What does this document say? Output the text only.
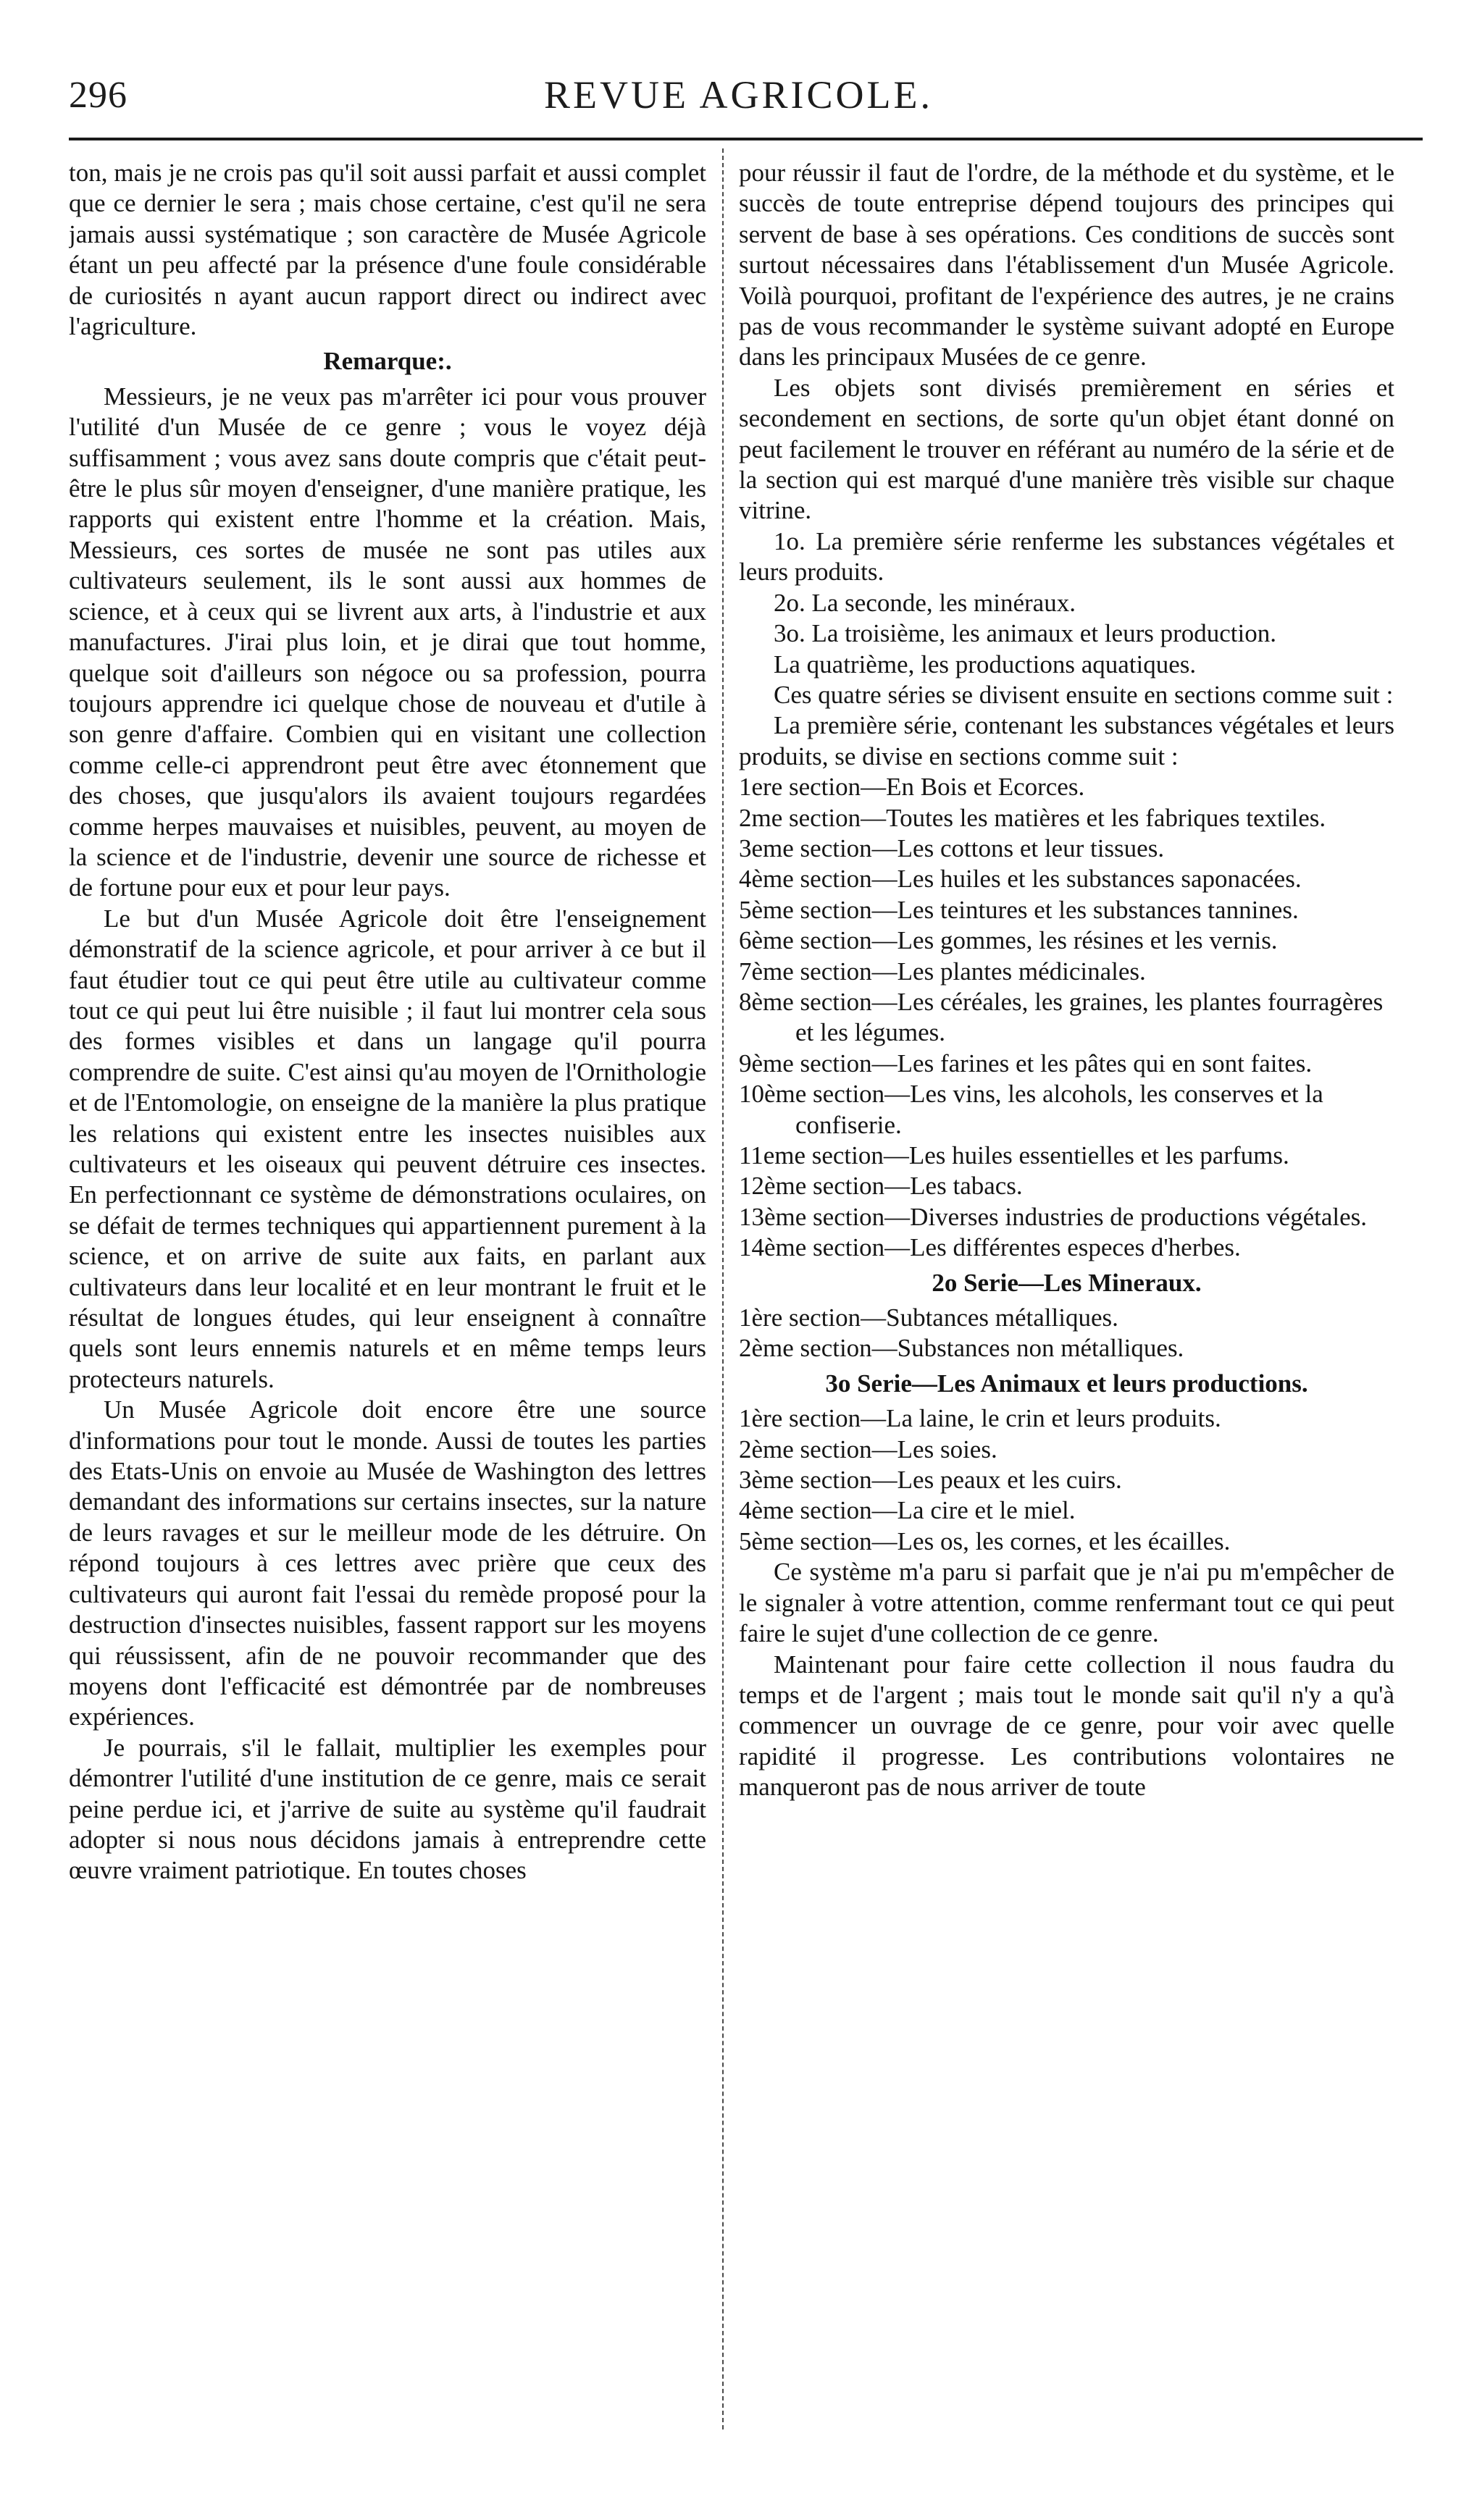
296	REVUE AGRICOLE.

ton, mais je ne crois pas qu'il soit aussi parfait et aussi complet que ce dernier le sera ; mais chose certaine, c'est qu'il ne sera jamais aussi systématique ; son caractère de Musée Agricole étant un peu affecté par la présence d'une foule considérable de curiosités n ayant aucun rapport direct ou indirect avec l'agriculture.

Remarque:.

Messieurs, je ne veux pas m'arrêter ici pour vous prouver l'utilité d'un Musée de ce genre ; vous le voyez déjà suffisamment ; vous avez sans doute compris que c'était peut-être le plus sûr moyen d'enseigner, d'une manière pratique, les rapports qui existent entre l'homme et la création. Mais, Messieurs, ces sortes de musée ne sont pas utiles aux cultivateurs seulement, ils le sont aussi aux hommes de science, et à ceux qui se livrent aux arts, à l'industrie et aux manufactures. J'irai plus loin, et je dirai que tout homme, quelque soit d'ailleurs son négoce ou sa profession, pourra toujours apprendre ici quelque chose de nouveau et d'utile à son genre d'affaire. Combien qui en visitant une collection comme celle-ci apprendront peut être avec étonnement que des choses, que jusqu'alors ils avaient toujours regardées comme herpes mauvaises et nuisibles, peuvent, au moyen de la science et de l'industrie, devenir une source de richesse et de fortune pour eux et pour leur pays.

Le but d'un Musée Agricole doit être l'enseignement démonstratif de la science agricole, et pour arriver à ce but il faut étudier tout ce qui peut être utile au cultivateur comme tout ce qui peut lui être nuisible ; il faut lui montrer cela sous des formes visibles et dans un langage qu'il pourra comprendre de suite. C'est ainsi qu'au moyen de l'Ornithologie et de l'Entomologie, on enseigne de la manière la plus pratique les relations qui existent entre les insectes nuisibles aux cultivateurs et les oiseaux qui peuvent détruire ces insectes. En perfectionnant ce système de démonstrations oculaires, on se défait de termes techniques qui appartiennent purement à la science, et on arrive de suite aux faits, en parlant aux cultivateurs dans leur localité et en leur montrant le fruit et le résultat de longues études, qui leur enseignent à connaître quels sont leurs ennemis naturels et en même temps leurs protecteurs naturels.

Un Musée Agricole doit encore être une source d'informations pour tout le monde. Aussi de toutes les parties des Etats-Unis on envoie au Musée de Washington des lettres demandant des informations sur certains insectes, sur la nature de leurs ravages et sur le meilleur mode de les détruire. On répond toujours à ces lettres avec prière que ceux des cultivateurs qui auront fait l'essai du remède proposé pour la destruction d'insectes nuisibles, fassent rapport sur les moyens qui réussissent, afin de ne pouvoir recommander que des moyens dont l'efficacité est démontrée par de nombreuses expériences.

Je pourrais, s'il le fallait, multiplier les exemples pour démontrer l'utilité d'une institution de ce genre, mais ce serait peine perdue ici, et j'arrive de suite au système qu'il faudrait adopter si nous nous décidons jamais à entreprendre cette œuvre vraiment patriotique. En toutes choses

pour réussir il faut de l'ordre, de la méthode et du système, et le succès de toute entreprise dépend toujours des principes qui servent de base à ses opérations. Ces conditions de succès sont surtout nécessaires dans l'établissement d'un Musée Agricole. Voilà pourquoi, profitant de l'expérience des autres, je ne crains pas de vous recommander le système suivant adopté en Europe dans les principaux Musées de ce genre.

Les objets sont divisés premièrement en séries et secondement en sections, de sorte qu'un objet étant donné on peut facilement le trouver en référant au numéro de la série et de la section qui est marqué d'une manière très visible sur chaque vitrine.

1o. La première série renferme les substances végétales et leurs produits.

2o. La seconde, les minéraux.

3o. La troisième, les animaux et leurs production.

La quatrième, les productions aquatiques.

Ces quatre séries se divisent ensuite en sections comme suit :

La première série, contenant les substances végétales et leurs produits, se divise en sections comme suit :

1ere section—En Bois et Ecorces.
2me section—Toutes les matières et les fabriques textiles.
3eme section—Les cottons et leur tissues.
4ème section—Les huiles et les substances saponacées.
5ème section—Les teintures et les substances tannines.
6ème section—Les gommes, les résines et les vernis.
7ème section—Les plantes médicinales.
8ème section—Les céréales, les graines, les plantes fourragères et les légumes.
9ème section—Les farines et les pâtes qui en sont faites.
10ème section—Les vins, les alcohols, les conserves et la confiserie.
11eme section—Les huiles essentielles et les parfums.
12ème section—Les tabacs.
13ème section—Diverses industries de productions végétales.
14ème section—Les différentes especes d'herbes.

2o Serie—Les Mineraux.

1ère section—Subtances métalliques.
2ème section—Substances non métalliques.

3o Serie—Les Animaux et leurs productions.

1ère section—La laine, le crin et leurs produits.
2ème section—Les soies.
3ème section—Les peaux et les cuirs.
4ème section—La cire et le miel.
5ème section—Les os, les cornes, et les écailles.

Ce système m'a paru si parfait que je n'ai pu m'empêcher de le signaler à votre attention, comme renfermant tout ce qui peut faire le sujet d'une collection de ce genre.

Maintenant pour faire cette collection il nous faudra du temps et de l'argent ; mais tout le monde sait qu'il n'y a qu'à commencer un ouvrage de ce genre, pour voir avec quelle rapidité il progresse. Les contributions volontaires ne manqueront pas de nous arriver de toute
